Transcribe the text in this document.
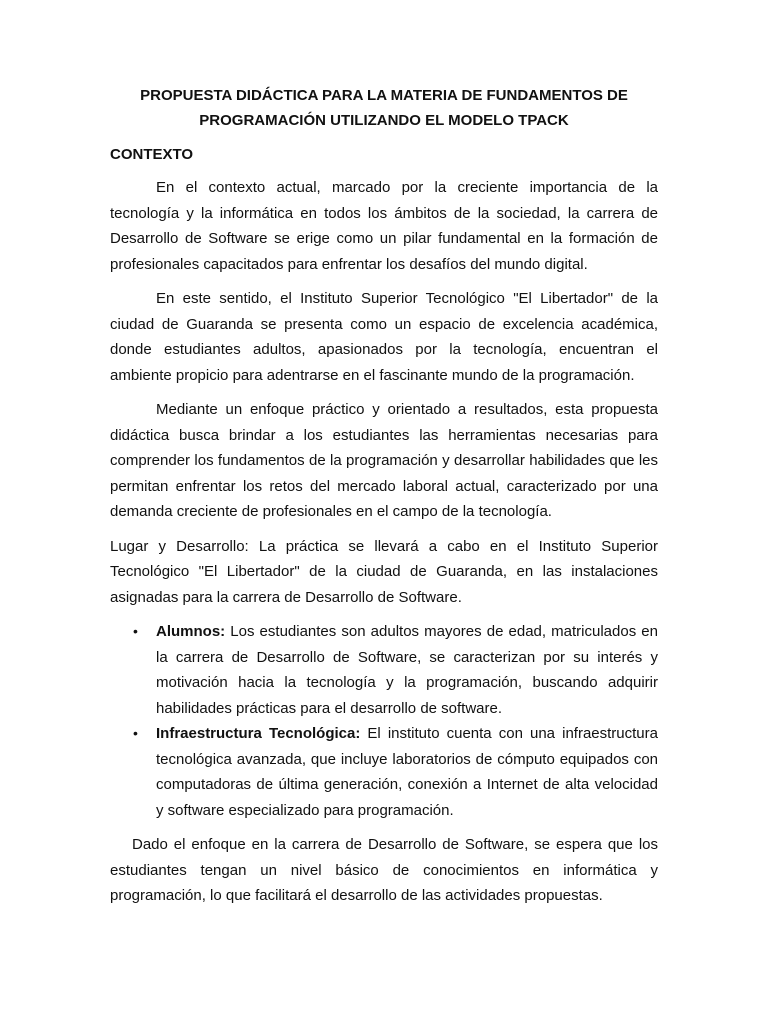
PROPUESTA DIDÁCTICA PARA LA MATERIA DE FUNDAMENTOS DE
PROGRAMACIÓN UTILIZANDO EL MODELO TPACK
CONTEXTO

En el contexto actual, marcado por la creciente importancia de la tecnología y la informática en todos los ámbitos de la sociedad, la carrera de Desarrollo de Software se erige como un pilar fundamental en la formación de profesionales capacitados para enfrentar los desafíos del mundo digital.

En este sentido, el Instituto Superior Tecnológico "El Libertador" de la ciudad de Guaranda se presenta como un espacio de excelencia académica, donde estudiantes adultos, apasionados por la tecnología, encuentran el ambiente propicio para adentrarse en el fascinante mundo de la programación.

Mediante un enfoque práctico y orientado a resultados, esta propuesta didáctica busca brindar a los estudiantes las herramientas necesarias para comprender los fundamentos de la programación y desarrollar habilidades que les permitan enfrentar los retos del mercado laboral actual, caracterizado por una demanda creciente de profesionales en el campo de la tecnología.

Lugar y Desarrollo: La práctica se llevará a cabo en el Instituto Superior Tecnológico "El Libertador" de la ciudad de Guaranda, en las instalaciones asignadas para la carrera de Desarrollo de Software.

• Alumnos: Los estudiantes son adultos mayores de edad, matriculados en la carrera de Desarrollo de Software, se caracterizan por su interés y motivación hacia la tecnología y la programación, buscando adquirir habilidades prácticas para el desarrollo de software.
• Infraestructura Tecnológica: El instituto cuenta con una infraestructura tecnológica avanzada, que incluye laboratorios de cómputo equipados con computadoras de última generación, conexión a Internet de alta velocidad y software especializado para programación.

Dado el enfoque en la carrera de Desarrollo de Software, se espera que los estudiantes tengan un nivel básico de conocimientos en informática y programación, lo que facilitará el desarrollo de las actividades propuestas.
